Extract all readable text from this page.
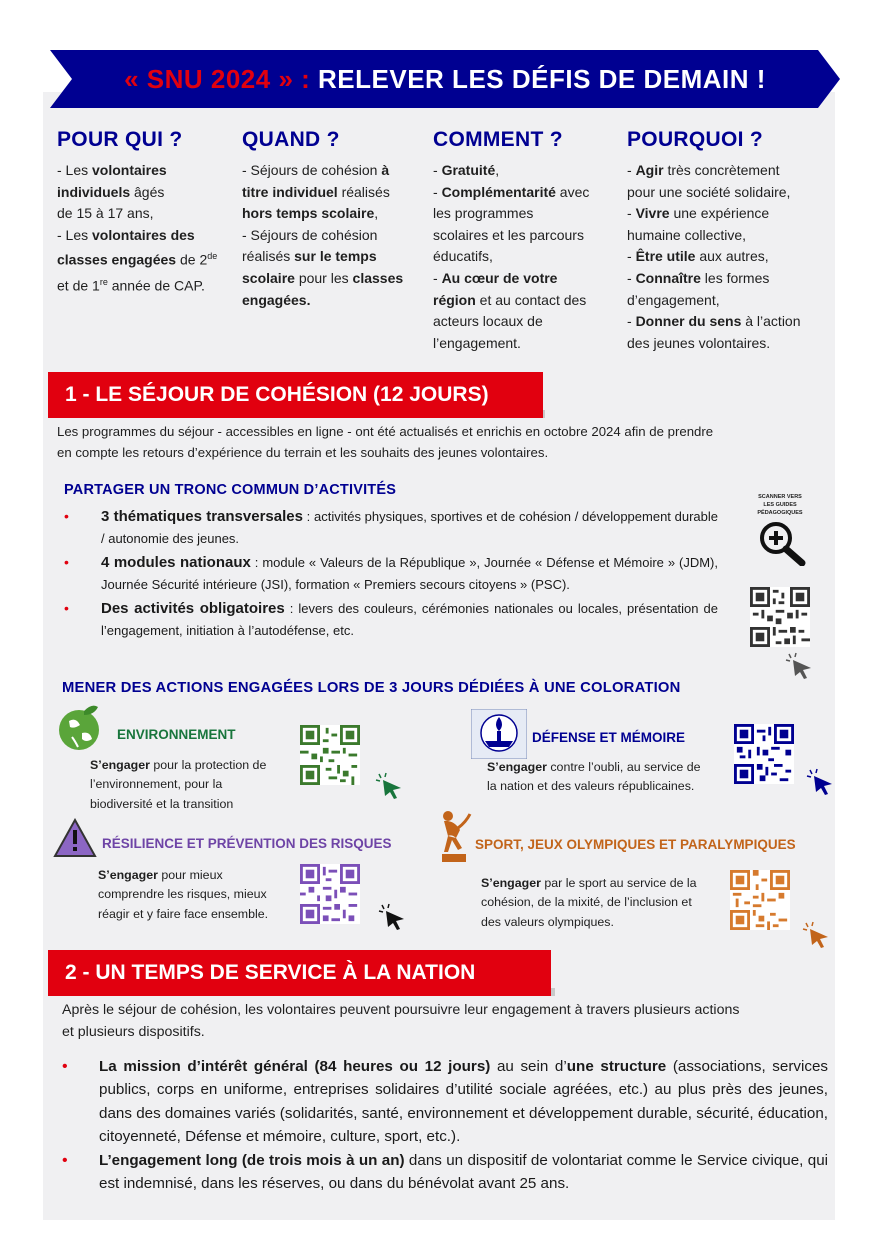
« SNU 2024 » : RELEVER LES DÉFIS DE DEMAIN !
POUR QUI ?

- Les volontaires

individuels âgés

de 15 à 17 ans,

- Les volontaires des

classes engagées de 2de

et de 1re année de CAP.

QUAND ?

- Séjours de cohésion à

titre individuel réalisés

hors temps scolaire,

- Séjours de cohésion

réalisés sur le temps

scolaire pour les classes

engagées.

COMMENT ?

- Gratuité,

- Complémentarité avec

les programmes

scolaires et les parcours

éducatifs,

- Au cœur de votre

région et au contact des

acteurs locaux de

l’engagement.

POURQUOI ?

- Agir très concrètement

pour une société solidaire,

- Vivre une expérience

humaine collective,

- Être utile aux autres,

- Connaître les formes

d’engagement,

- Donner du sens à l’action

des jeunes volontaires.

1 - LE SÉJOUR DE COHÉSION (12 JOURS)
Les programmes du séjour - accessibles en ligne - ont été actualisés et enrichis en octobre 2024 afin de prendre
en compte les retours d’expérience du terrain et les souhaits des jeunes volontaires.
PARTAGER UN TRONC COMMUN D’ACTIVITÉS
• 3 thématiques transversales : activités physiques, sportives et de cohésion / développement durable / autonomie des jeunes.
• 4 modules nationaux : module « Valeurs de la République », Journée « Défense et Mémoire » (JDM), Journée Sécurité intérieure (JSI), formation « Premiers secours citoyens » (PSC).
• Des activités obligatoires : levers des couleurs, cérémonies nationales ou locales, présentation de l’engagement, initiation à l’autodéfense, etc.
SCANNER VERS
LES GUIDES
PÉDAGOGIQUES
MENER DES ACTIONS ENGAGÉES LORS DE 3 JOURS DÉDIÉES À UNE COLORATION
ENVIRONNEMENT
S’engager pour la protection de
l’environnement, pour la
biodiversité et la transition
DÉFENSE ET MÉMOIRE
S’engager contre l’oubli, au service de
la nation et des valeurs républicaines.
RÉSILIENCE ET PRÉVENTION DES RISQUES
S’engager pour mieux
comprendre les risques, mieux
réagir et y faire face ensemble.
SPORT, JEUX OLYMPIQUES ET PARALYMPIQUES
S’engager par le sport au service de la
cohésion, de la mixité, de l’inclusion et
des valeurs olympiques.
2 - UN TEMPS DE SERVICE À LA NATION
Après le séjour de cohésion, les volontaires peuvent poursuivre leur engagement à travers plusieurs actions
et plusieurs dispositifs.
• La mission d’intérêt général (84 heures ou 12 jours) au sein d’une structure (associations, services publics, corps en uniforme, entreprises solidaires d’utilité sociale agréées, etc.) au plus près des jeunes, dans des domaines variés (solidarités, santé, environnement et développement durable, sécurité, éducation, citoyenneté, Défense et mémoire, culture, sport, etc.).
• L’engagement long (de trois mois à un an) dans un dispositif de volontariat comme le Service civique, qui est indemnisé, dans les réserves, ou dans du bénévolat avant 25 ans.
